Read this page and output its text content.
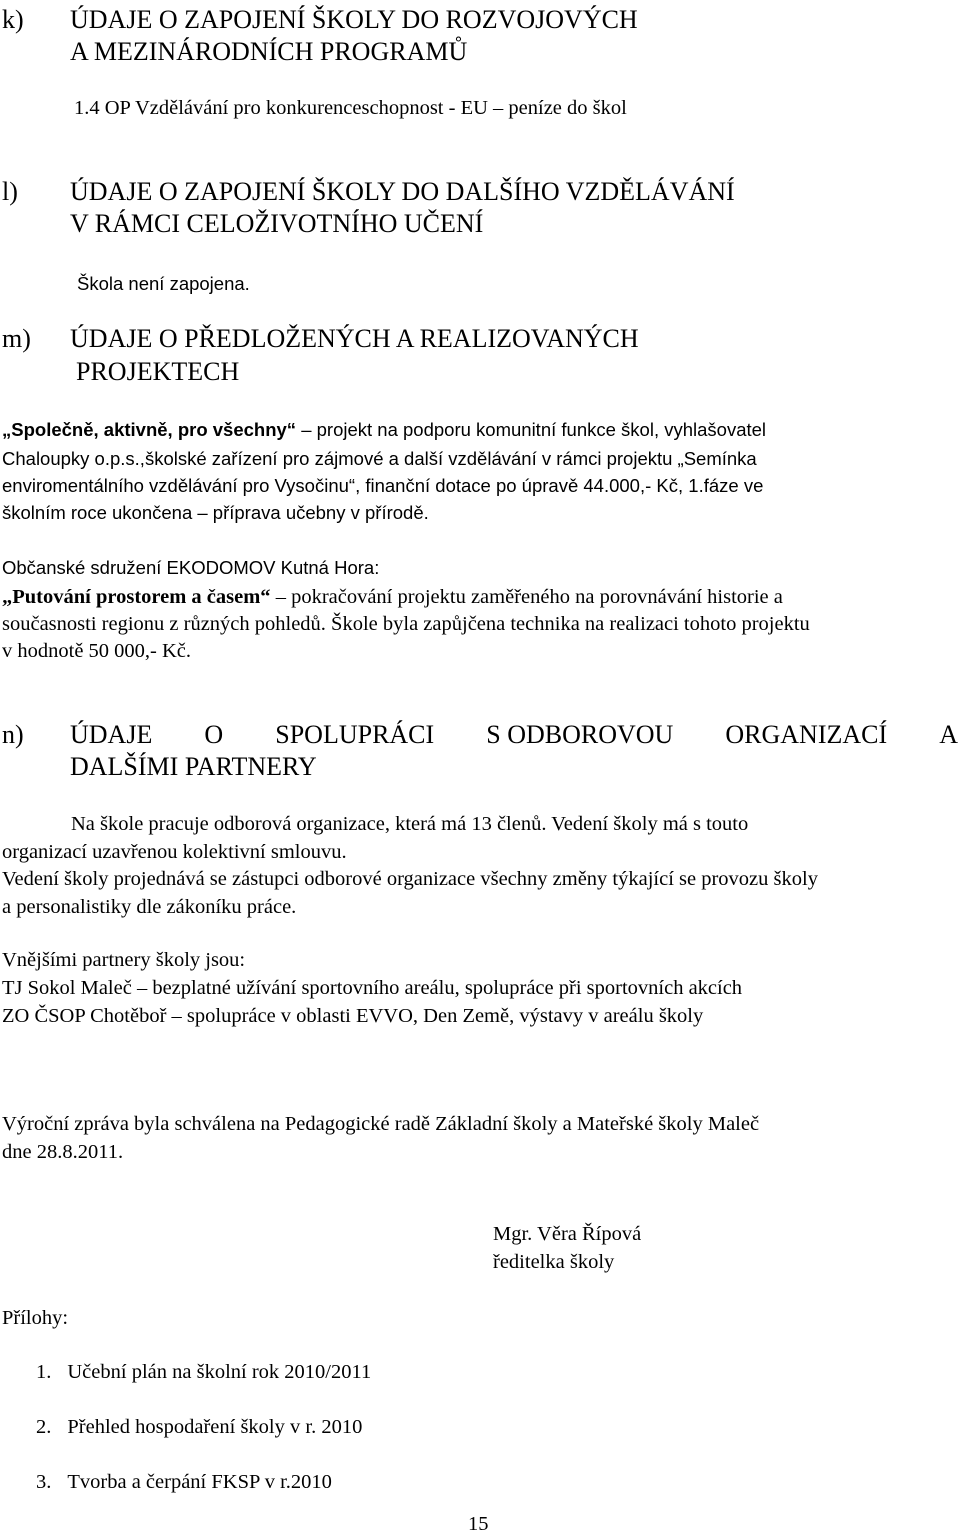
k) ÚDAJE O ZAPOJENÍ ŠKOLY DO ROZVOJOVÝCH
A MEZINÁRODNÍCH PROGRAMŮ
1.4 OP Vzdělávání pro konkurenceschopnost - EU – peníze do škol
l) ÚDAJE O ZAPOJENÍ ŠKOLY DO DALŠÍHO VZDĚLÁVÁNÍ
V RÁMCI CELOŽIVOTNÍHO UČENÍ
Škola není zapojena.
m) ÚDAJE O PŘEDLOŽENÝCH A REALIZOVANÝCH
PROJEKTECH
„Společně, aktivně, pro všechny“ – projekt na podporu komunitní funkce škol, vyhlašovatel
Chaloupky o.p.s.,školské zařízení pro zájmové a další vzdělávání v rámci projektu „Semínka
enviromentálního vzdělávání pro Vysočinu“, finanční dotace po úpravě 44.000,- Kč, 1.fáze ve
školním roce ukončena – příprava učebny v přírodě.
Občanské sdružení EKODOMOV Kutná Hora:
„Putování prostorem a časem“ – pokračování projektu zaměřeného na porovnávání historie a
současnosti regionu z různých pohledů. Škole byla zapůjčena technika na realizaci tohoto projektu
v hodnotě 50 000,- Kč.
n) ÚDAJE O SPOLUPRÁCI S ODBOROVOU ORGANIZACÍ A
DALŠÍMI PARTNERY
Na škole pracuje odborová organizace, která má 13 členů. Vedení školy má s touto
organizací uzavřenou kolektivní smlouvu.
Vedení školy projednává se zástupci odborové organizace všechny změny týkající se provozu školy
a personalistiky dle zákoníku práce.
Vnějšími partnery školy jsou:
TJ Sokol Maleč – bezplatné užívání sportovního areálu, spolupráce při sportovních akcích
ZO ČSOP Chotěboř – spolupráce v oblasti EVVO, Den Země, výstavy v areálu školy
Výroční zpráva byla schválena na Pedagogické radě Základní školy a Mateřské školy Maleč
dne 28.8.2011.
Mgr. Věra Řípová
ředitelka školy
Přílohy:
1. Učební plán na školní rok 2010/2011
2. Přehled hospodaření školy v r. 2010
3. Tvorba a čerpání FKSP v r.2010
15
